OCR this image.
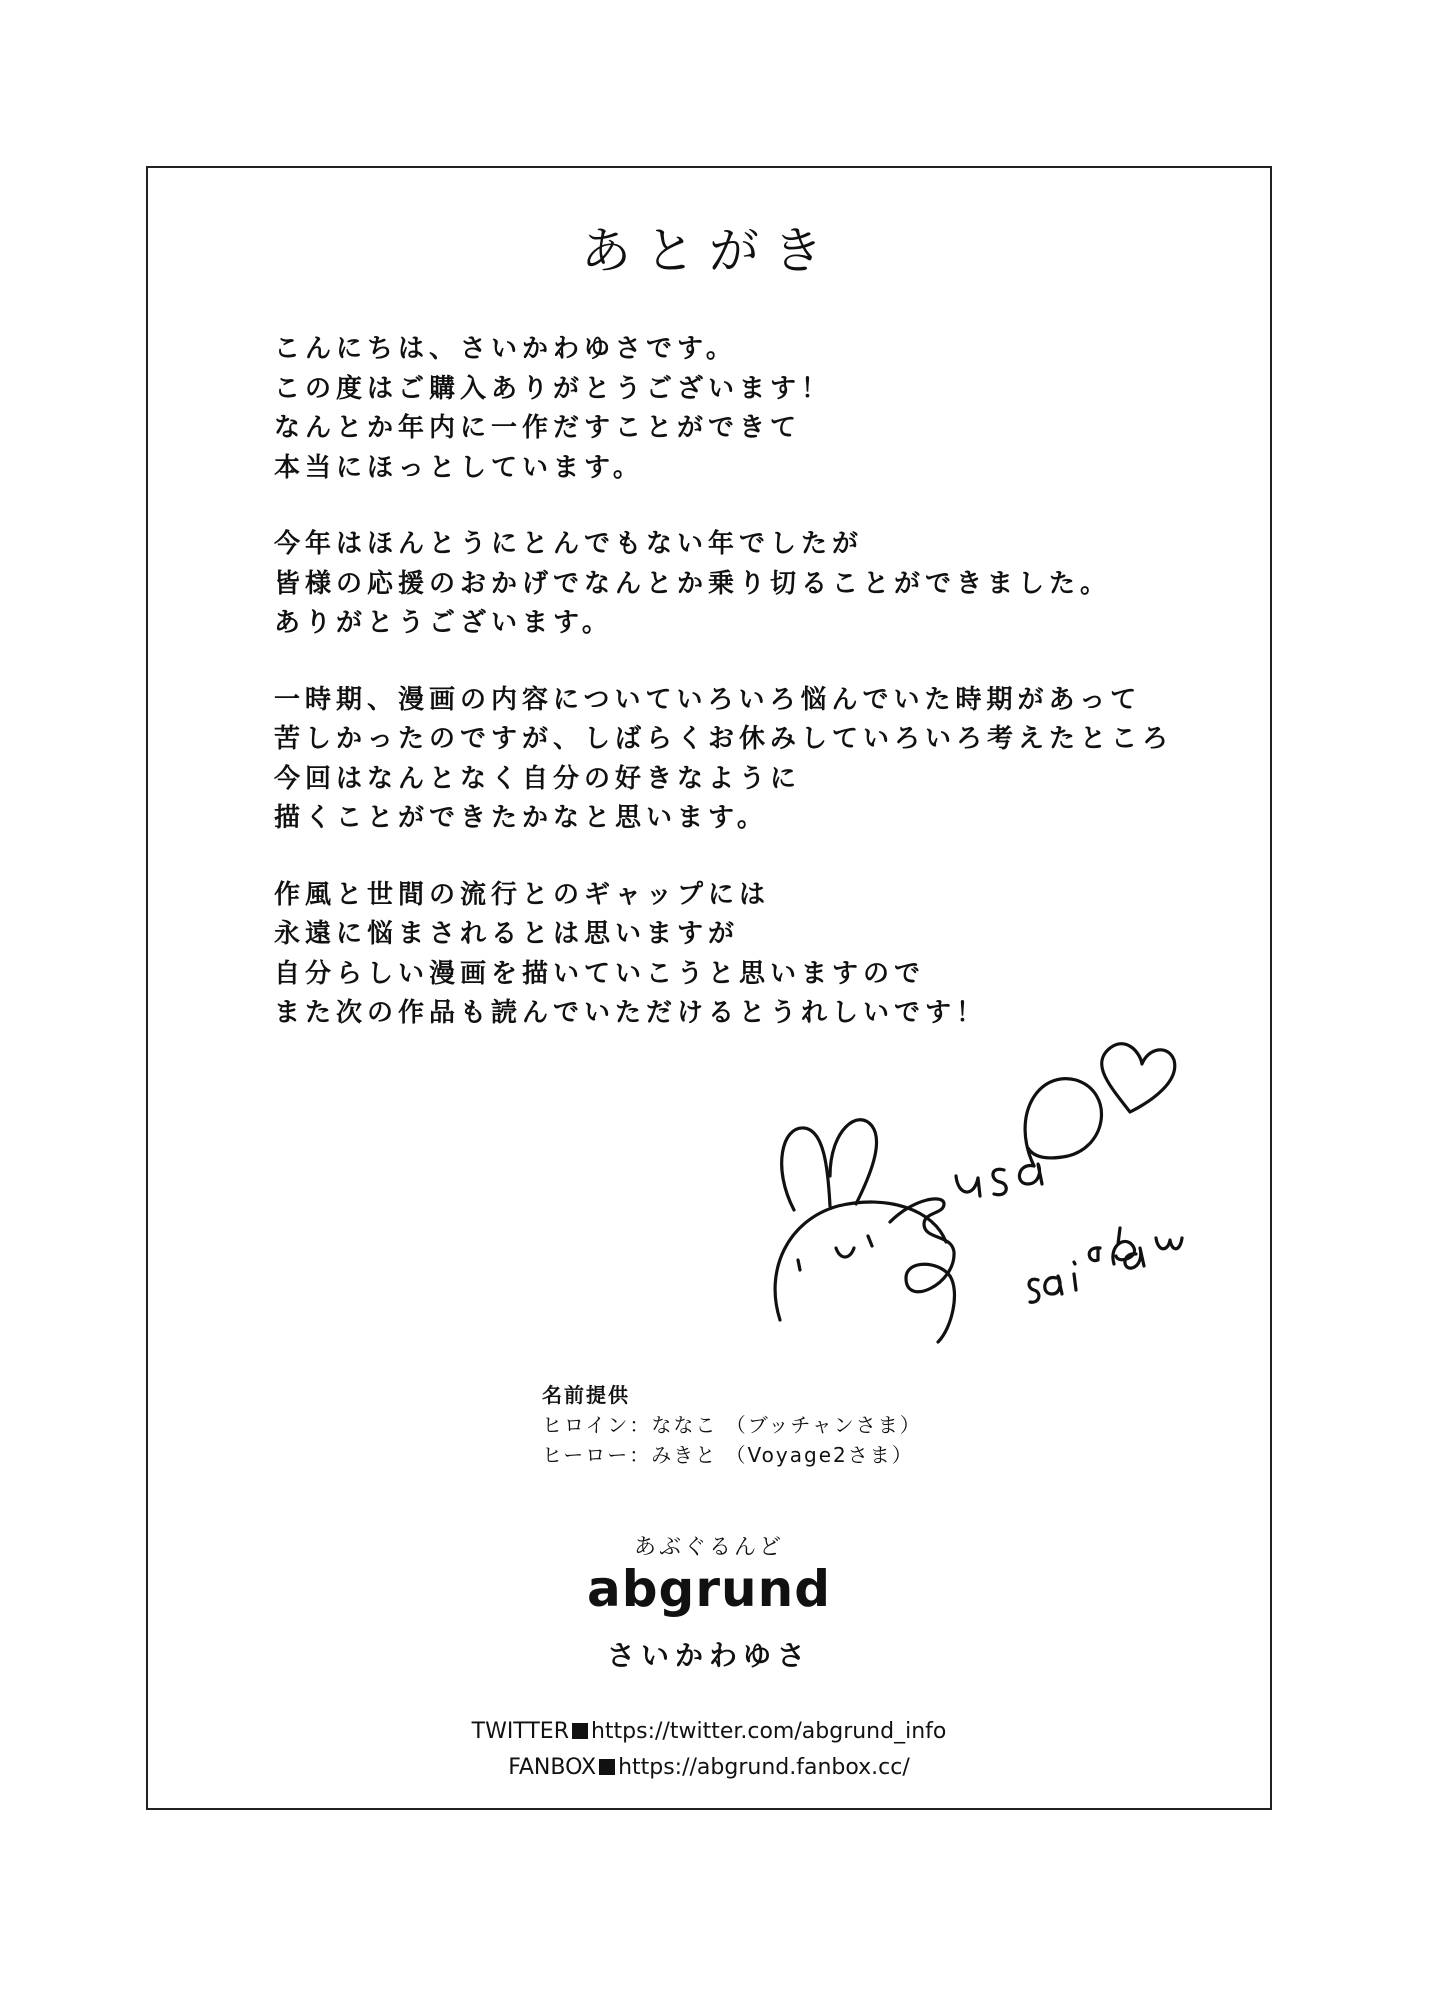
あとがき
こんにちは、さいかわゆさです。
この度はご購入ありがとうございます！
なんとか年内に一作だすことができて
本当にほっとしています。
今年はほんとうにとんでもない年でしたが
皆様の応援のおかげでなんとか乗り切ることができました。
ありがとうございます。
一時期、漫画の内容についていろいろ悩んでいた時期があって
苦しかったのですが、しばらくお休みしていろいろ考えたところ
今回はなんとなく自分の好きなように
描くことができたかなと思います。
作風と世間の流行とのギャップには
永遠に悩まされるとは思いますが
自分らしい漫画を描いていこうと思いますので
また次の作品も読んでいただけるとうれしいです！
名前提供
ヒロイン：ななこ （ブッチャンさま）
ヒーロー：みきと （Voyage2さま）
あぶぐるんど
abgrund
さいかわゆさ
TWITTER https://twitter.com/abgrund_info
FANBOX https://abgrund.fanbox.cc/
